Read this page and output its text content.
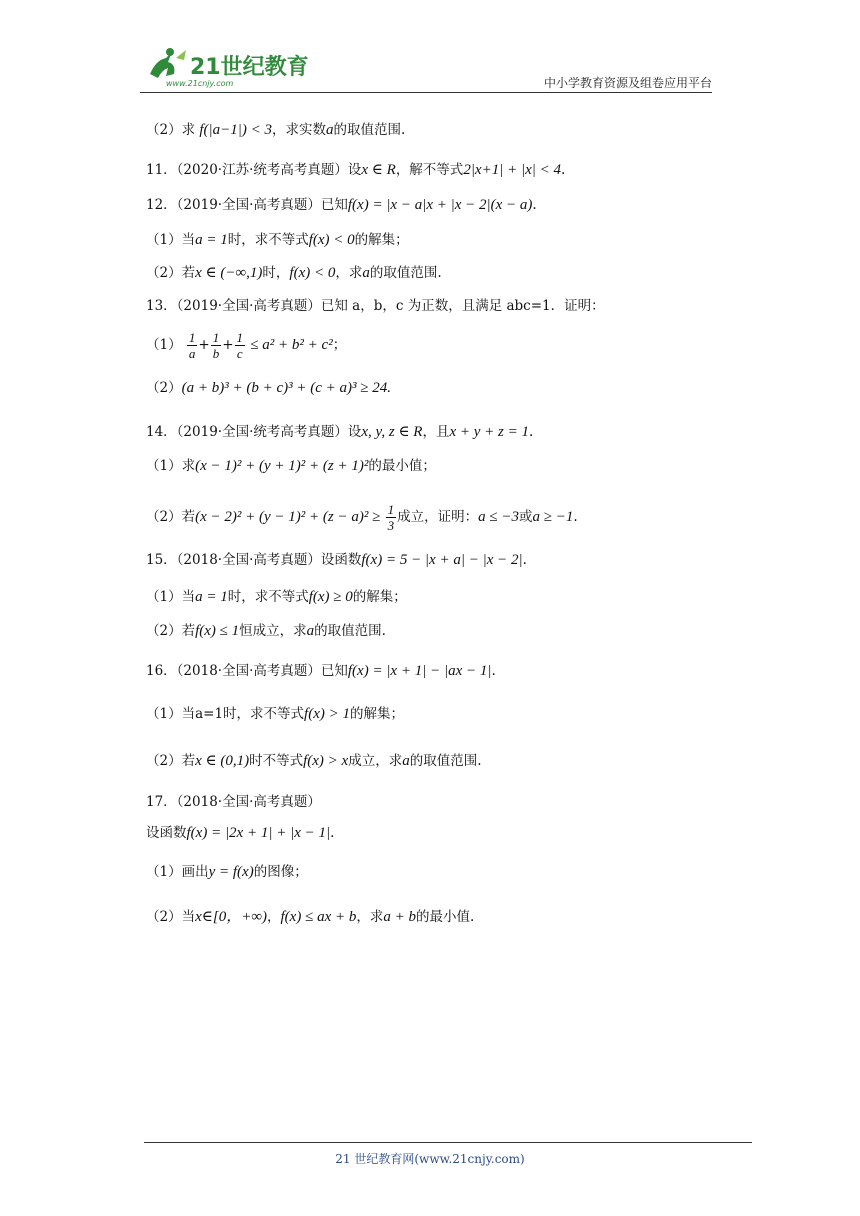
21世纪教育
www.21cnjy.com	中小学教育资源及组卷应用平台
（2）求 f(|a−1|) < 3，求实数a的取值范围.
11．（2020·江苏·统考高考真题）设x ∈ R，解不等式2|x+1| + |x| < 4.
12．（2019·全国·高考真题）已知f(x) = |x − a|x + |x − 2|(x − a).
（1）当a = 1时，求不等式f(x) < 0的解集；
（2）若x ∈ (−∞,1)时，f(x) < 0，求a的取值范围.
13．（2019·全国·高考真题）已知 a，b，c 为正数，且满足 abc=1．证明：
$(1) \frac{1}{a} + \frac{1}{b} + \frac{1}{c} \le a^2 + b^2 + c^2$；
（2）(a + b)³ + (b + c)³ + (c + a)³ ≥ 24.
14．（2019·全国·统考高考真题）设x, y, z ∈ R，且x + y + z = 1.
（1）求(x − 1)² + (y + 1)² + (z + 1)²的最小值；
（2）若$(x - 2)^2 + (y - 1)^2 + (z - a)^2 \ge \frac{1}{3}$ 成立，证明：a ≤ −3或a ≥ −1.
15．（2018·全国·高考真题）设函数f(x) = 5 − |x + a| − |x − 2|.
（1）当a = 1时，求不等式f(x) ≥ 0的解集；
（2）若f(x) ≤ 1恒成立，求a的取值范围.
16．（2018·全国·高考真题）已知f(x) = |x + 1| − |ax − 1|.
（1）当a=1时，求不等式f(x) > 1的解集；
（2）若x ∈ (0,1)时不等式f(x) > x成立，求a的取值范围.
17．（2018·全国·高考真题）
设函数f(x) = |2x + 1| + |x − 1|.
（1）画出y = f(x)的图像；
（2）当x∈[0，+∞)，f(x) ≤ ax + b，求a + b的最小值.
21 世纪教育网(www.21cnjy.com)
